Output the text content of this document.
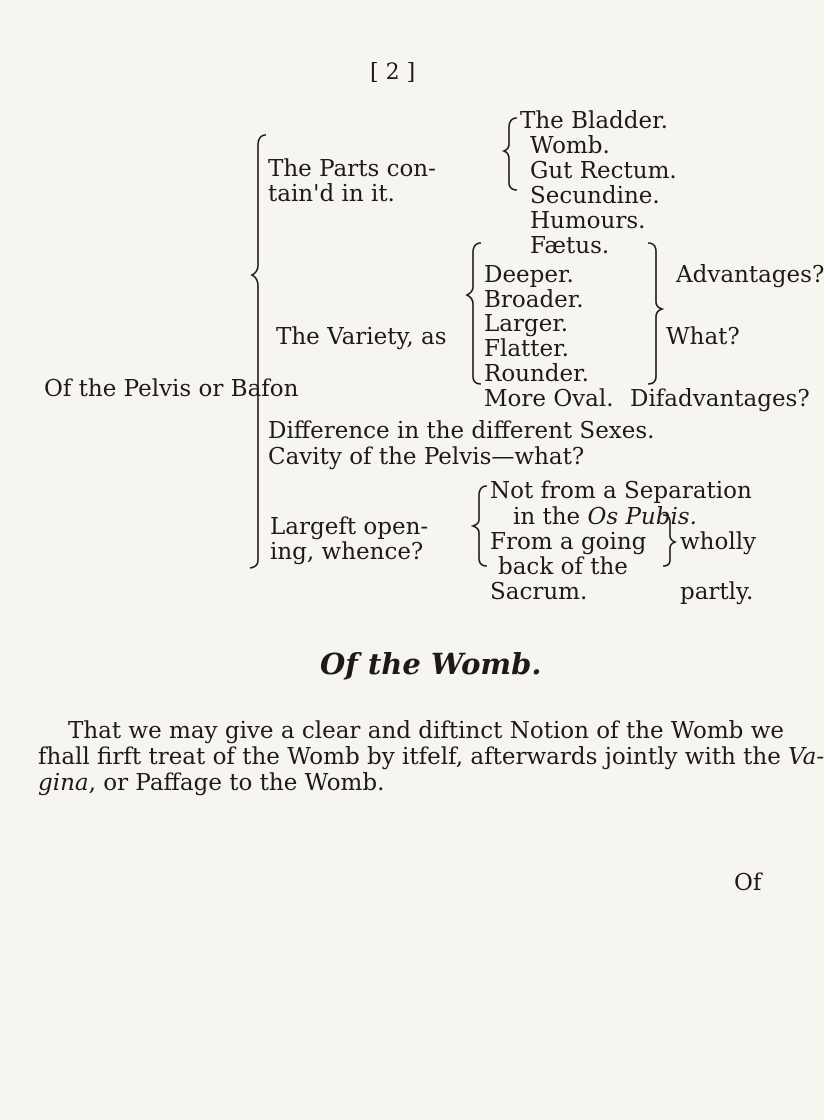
[ 2 ]
The Bladder.
Womb.
Gut Rectum.
Secundine.
Humours.
Fætus.
The Parts con-
tain'd in it.
Deeper.
Broader.
Larger.
Flatter.
Rounder.
More Oval.
The Variety, as
Advantages?
What?
Difadvantages?
Of the Pelvis or Bafon
Difference in the different Sexes.
Cavity of the Pelvis—what?
Not from a Separation
in the Os Pubis.
From a going
back of the
Sacrum.
wholly
partly.
Largeft open-
ing, whence?
Of the Womb.
That we may give a clear and diftinct Notion of the Womb we
fhall firft treat of the Womb by itfelf, afterwards jointly with the Va-
gina, or Paffage to the Womb.
Of
